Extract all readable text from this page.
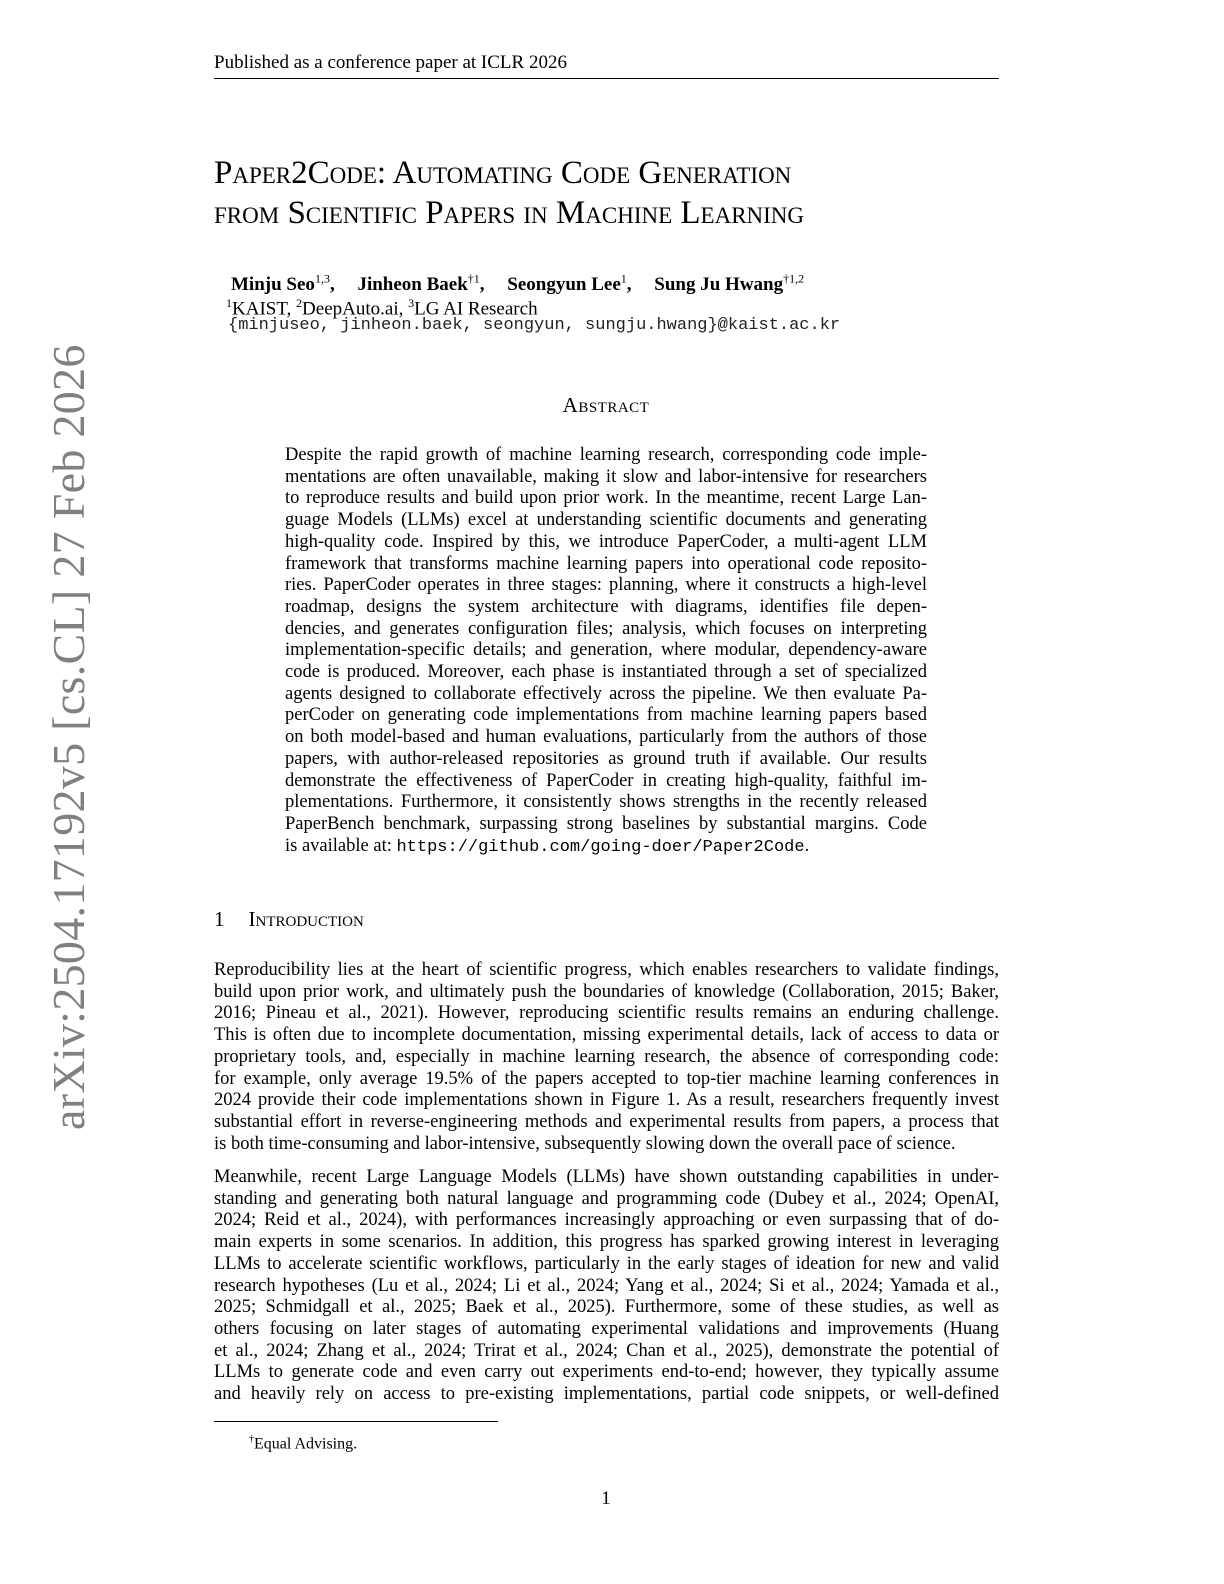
arXiv:2504.17192v5 [cs.CL] 27 Feb 2026
Published as a conference paper at ICLR 2026
Paper2Code: Automating Code Generation
from Scientific Papers in Machine Learning
Minju Seo$^{1,3}$, Jinheon Baek$^{\dagger 1}$, Seongyun Lee$^1$, Sung Ju Hwang$^{\dagger 1,2}$
$^1$KAIST, $^2$DeepAuto.ai, $^3$LG AI Research
{minjuseo, jinheon.baek, seongyun, sungju.hwang}@kaist.ac.kr
Abstract
Despite the rapid growth of machine learning research, corresponding code imple-
mentations are often unavailable, making it slow and labor-intensive for researchers
to reproduce results and build upon prior work. In the meantime, recent Large Lan-
guage Models (LLMs) excel at understanding scientific documents and generating
high-quality code. Inspired by this, we introduce PaperCoder, a multi-agent LLM
framework that transforms machine learning papers into operational code reposito-
ries. PaperCoder operates in three stages: planning, where it constructs a high-level
roadmap, designs the system architecture with diagrams, identifies file depen-
dencies, and generates configuration files; analysis, which focuses on interpreting
implementation-specific details; and generation, where modular, dependency-aware
code is produced. Moreover, each phase is instantiated through a set of specialized
agents designed to collaborate effectively across the pipeline. We then evaluate Pa-
perCoder on generating code implementations from machine learning papers based
on both model-based and human evaluations, particularly from the authors of those
papers, with author-released repositories as ground truth if available. Our results
demonstrate the effectiveness of PaperCoder in creating high-quality, faithful im-
plementations. Furthermore, it consistently shows strengths in the recently released
PaperBench benchmark, surpassing strong baselines by substantial margins. Code
is available at: https://github.com/going-doer/Paper2Code.
1 Introduction
Reproducibility lies at the heart of scientific progress, which enables researchers to validate findings,
build upon prior work, and ultimately push the boundaries of knowledge (Collaboration, 2015; Baker,
2016; Pineau et al., 2021). However, reproducing scientific results remains an enduring challenge.
This is often due to incomplete documentation, missing experimental details, lack of access to data or
proprietary tools, and, especially in machine learning research, the absence of corresponding code:
for example, only average 19.5% of the papers accepted to top-tier machine learning conferences in
2024 provide their code implementations shown in Figure 1. As a result, researchers frequently invest
substantial effort in reverse-engineering methods and experimental results from papers, a process that
is both time-consuming and labor-intensive, subsequently slowing down the overall pace of science.
Meanwhile, recent Large Language Models (LLMs) have shown outstanding capabilities in under-
standing and generating both natural language and programming code (Dubey et al., 2024; OpenAI,
2024; Reid et al., 2024), with performances increasingly approaching or even surpassing that of do-
main experts in some scenarios. In addition, this progress has sparked growing interest in leveraging
LLMs to accelerate scientific workflows, particularly in the early stages of ideation for new and valid
research hypotheses (Lu et al., 2024; Li et al., 2024; Yang et al., 2024; Si et al., 2024; Yamada et al.,
2025; Schmidgall et al., 2025; Baek et al., 2025). Furthermore, some of these studies, as well as
others focusing on later stages of automating experimental validations and improvements (Huang
et al., 2024; Zhang et al., 2024; Trirat et al., 2024; Chan et al., 2025), demonstrate the potential of
LLMs to generate code and even carry out experiments end-to-end; however, they typically assume
and heavily rely on access to pre-existing implementations, partial code snippets, or well-defined
†Equal Advising.
1
